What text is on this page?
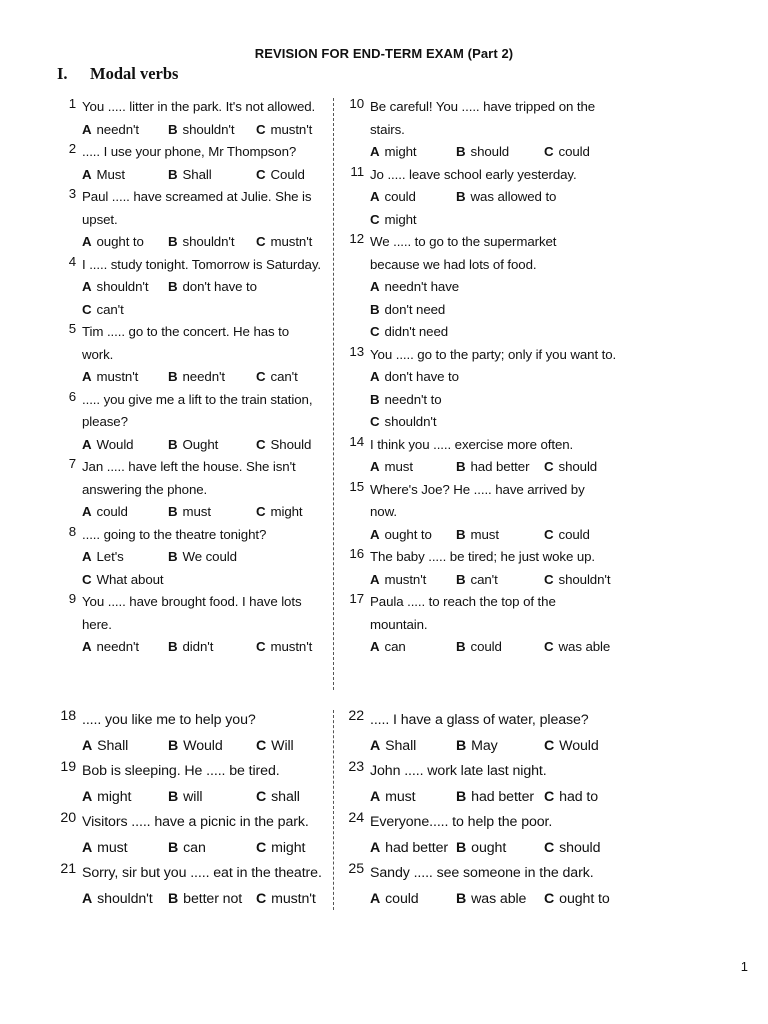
REVISION FOR END-TERM EXAM (Part 2)
I. Modal verbs
1 You ..... litter in the park. It's not allowed.
A needn't B shouldn't C mustn't
2 ..... I use your phone, Mr Thompson?
A Must	B Shall	C Could
3 Paul ..... have screamed at Julie. She is
upset.
A ought to B shouldn't C mustn't
4 I ..... study tonight. Tomorrow is Saturday.
A shouldn't B don't have to
C can't
5 Tim ..... go to the concert. He has to
work.
A mustn't B needn't C can't
6 ..... you give me a lift to the train station,
please?
A Would	B Ought	C Should
7 Jan ..... have left the house. She isn't
answering the phone.
A could	B must	C might
8 ..... going to the theatre tonight?
A Let's	B We could
C What about
9 You ..... have brought food. I have lots
here.
A needn't B didn't	C mustn't
10 Be careful! You ..... have tripped on the
stairs.
A might	B should	C could
11 Jo ..... leave school early yesterday.
A could	B was allowed to
C might
12 We ..... to go to the supermarket
because we had lots of food.
A needn't have
B don't need
C didn't need
13 You ..... go to the party; only if you want to.
A don't have to
B needn't to
C shouldn't
14 I think you ..... exercise more often.
A must	B had better C should
15 Where's Joe? He ..... have arrived by
now.
A ought to B must	C could
16 The baby ..... be tired; he just woke up.
A mustn't B can't	C shouldn't
17 Paula ..... to reach the top of the
mountain.
A can	B could	C was able
18 ..... you like me to help you?
A Shall	B Would C Will
19 Bob is sleeping. He ..... be tired.
A might	B will	C shall
20 Visitors ..... have a picnic in the park.
A must	B can	C might
21 Sorry, sir but you ..... eat in the theatre.
A shouldn't B better not C mustn't
22 ..... I have a glass of water, please?
A Shall	B May	C Would
23 John ..... work late last night.
A must	B had better C had to
24 Everyone..... to help the poor.
A had better B ought	C should
25 Sandy ..... see someone in the dark.
A could	B was able C ought to
1
